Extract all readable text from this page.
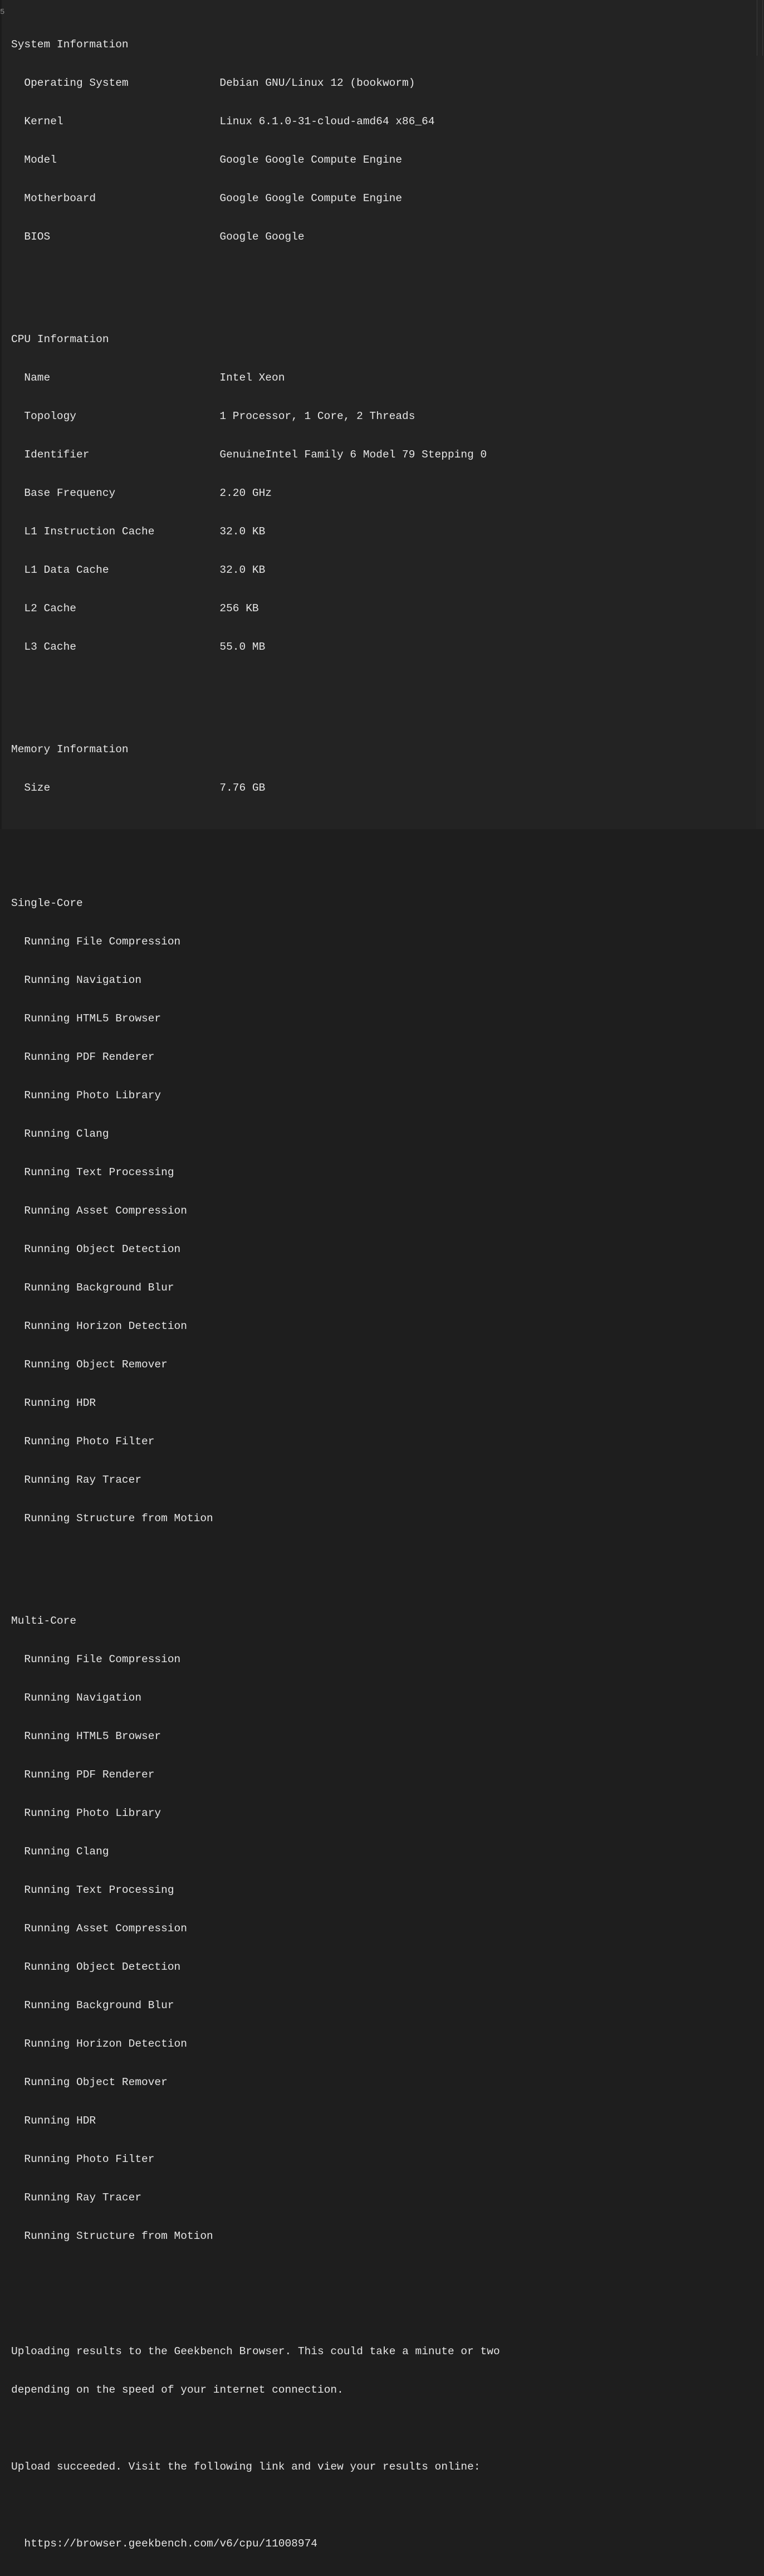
5

System Information

Operating System	Debian GNU/Linux 12 (bookworm)

Kernel	Linux 6.1.0-31-cloud-amd64 x86_64

Model	Google Google Compute Engine

Motherboard	Google Google Compute Engine

BIOS	Google Google

CPU Information

Name	Intel Xeon

Topology	1 Processor, 1 Core, 2 Threads

Identifier	GenuineIntel Family 6 Model 79 Stepping 0

Base Frequency	2.20 GHz

L1 Instruction Cache	32.0 KB

L1 Data Cache	32.0 KB

L2 Cache	256 KB

L3 Cache	55.0 MB

Memory Information

Size	7.76 GB

Single-Core

Running File Compression

Running Navigation

Running HTML5 Browser

Running PDF Renderer

Running Photo Library

Running Clang

Running Text Processing

Running Asset Compression

Running Object Detection

Running Background Blur

Running Horizon Detection

Running Object Remover

Running HDR

Running Photo Filter

Running Ray Tracer

Running Structure from Motion

Multi-Core

Running File Compression

Running Navigation

Running HTML5 Browser

Running PDF Renderer

Running Photo Library

Running Clang

Running Text Processing

Running Asset Compression

Running Object Detection

Running Background Blur

Running Horizon Detection

Running Object Remover

Running HDR

Running Photo Filter

Running Ray Tracer

Running Structure from Motion

Uploading results to the Geekbench Browser. This could take a minute or two

depending on the speed of your internet connection.

Upload succeeded. Visit the following link and view your results online:

https://browser.geekbench.com/v6/cpu/11008974
